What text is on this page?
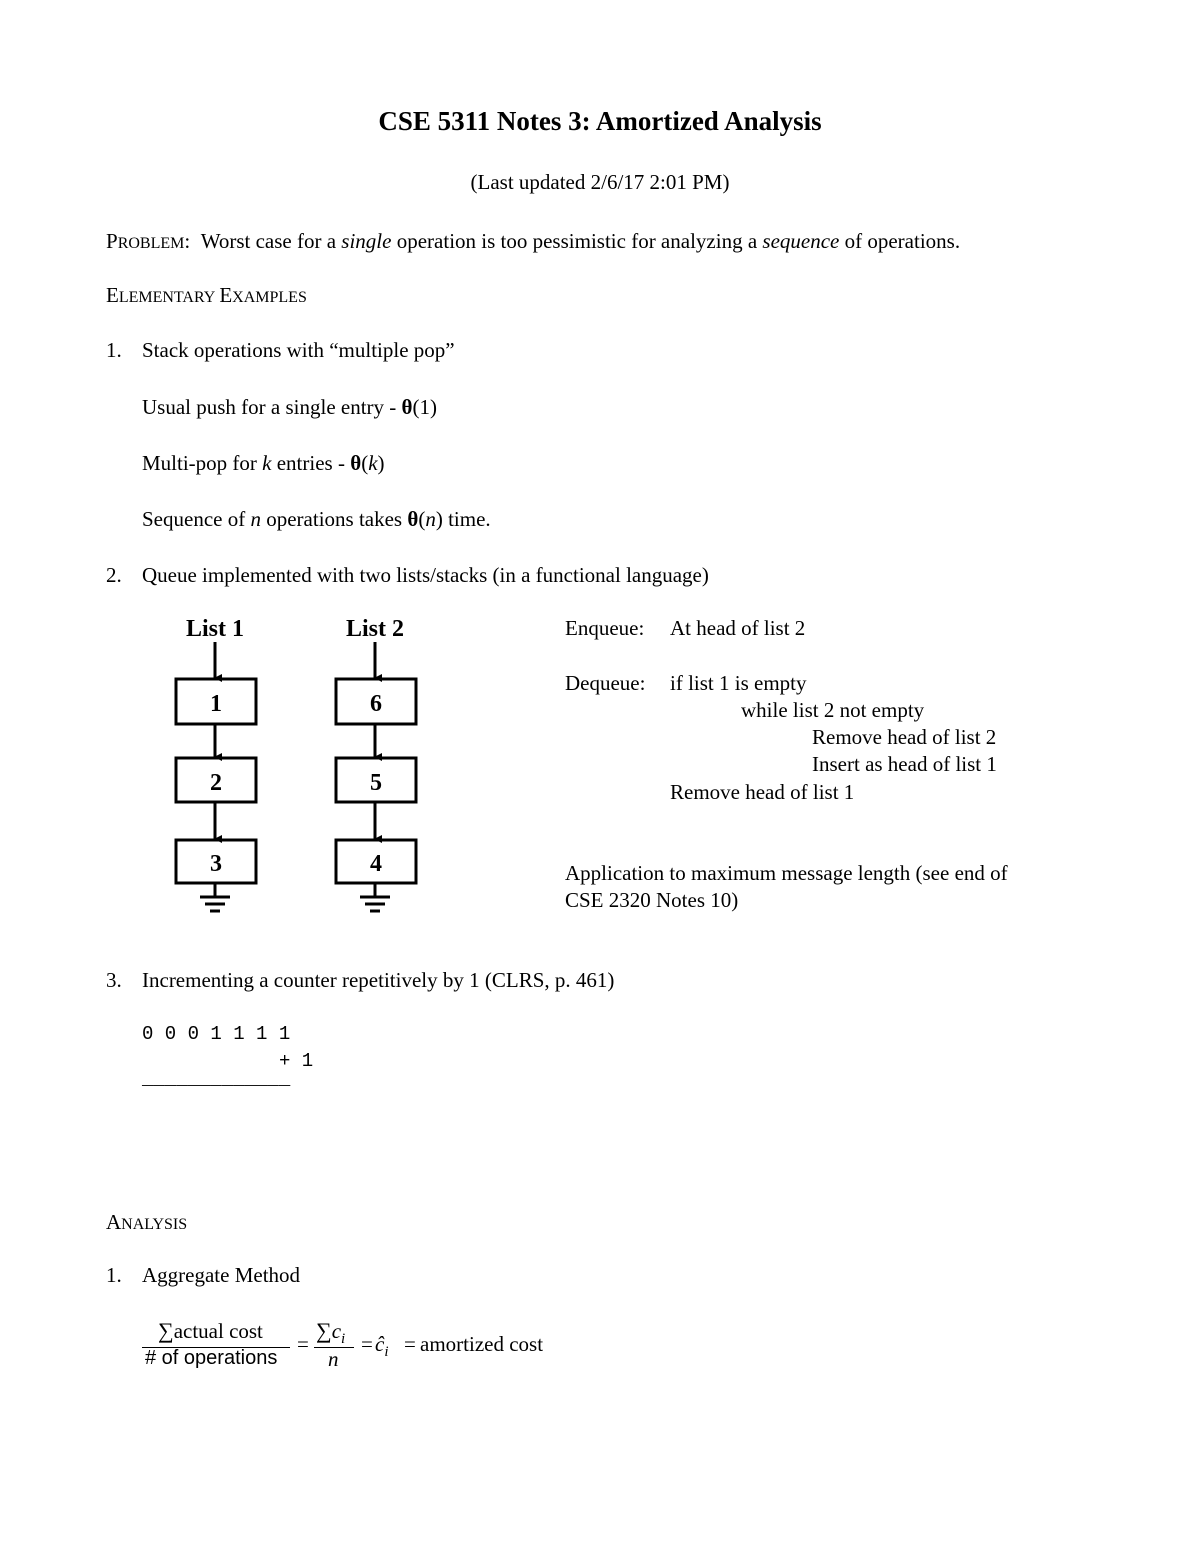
CSE 5311 Notes 3: Amortized Analysis
(Last updated 2/6/17 2:01 PM)
PROBLEM: Worst case for a single operation is too pessimistic for analyzing a sequence of operations.
ELEMENTARY EXAMPLES
1. Stack operations with “multiple pop”
Usual push for a single entry - θ(1)
Multi-pop for k entries - θ(k)
Sequence of n operations takes θ(n) time.
2. Queue implemented with two lists/stacks (in a functional language)
List 1
1
2
3
List 2
6
5
4
Enqueue: At head of list 2
Dequeue: if list 1 is empty
while list 2 not empty
Remove head of list 2
Insert as head of list 1
Remove head of list 1
Application to maximum message length (see end of
CSE 2320 Notes 10)
3. Incrementing a counter repetitively by 1 (CLRS, p. 461)
0 0 0 1 1 1 1
+ 1
_____________
ANALYSIS
1. Aggregate Method
∑actual cost
# of operations
=
$\sum c_i$
n
= $ĉ_i$ = amortized cost
